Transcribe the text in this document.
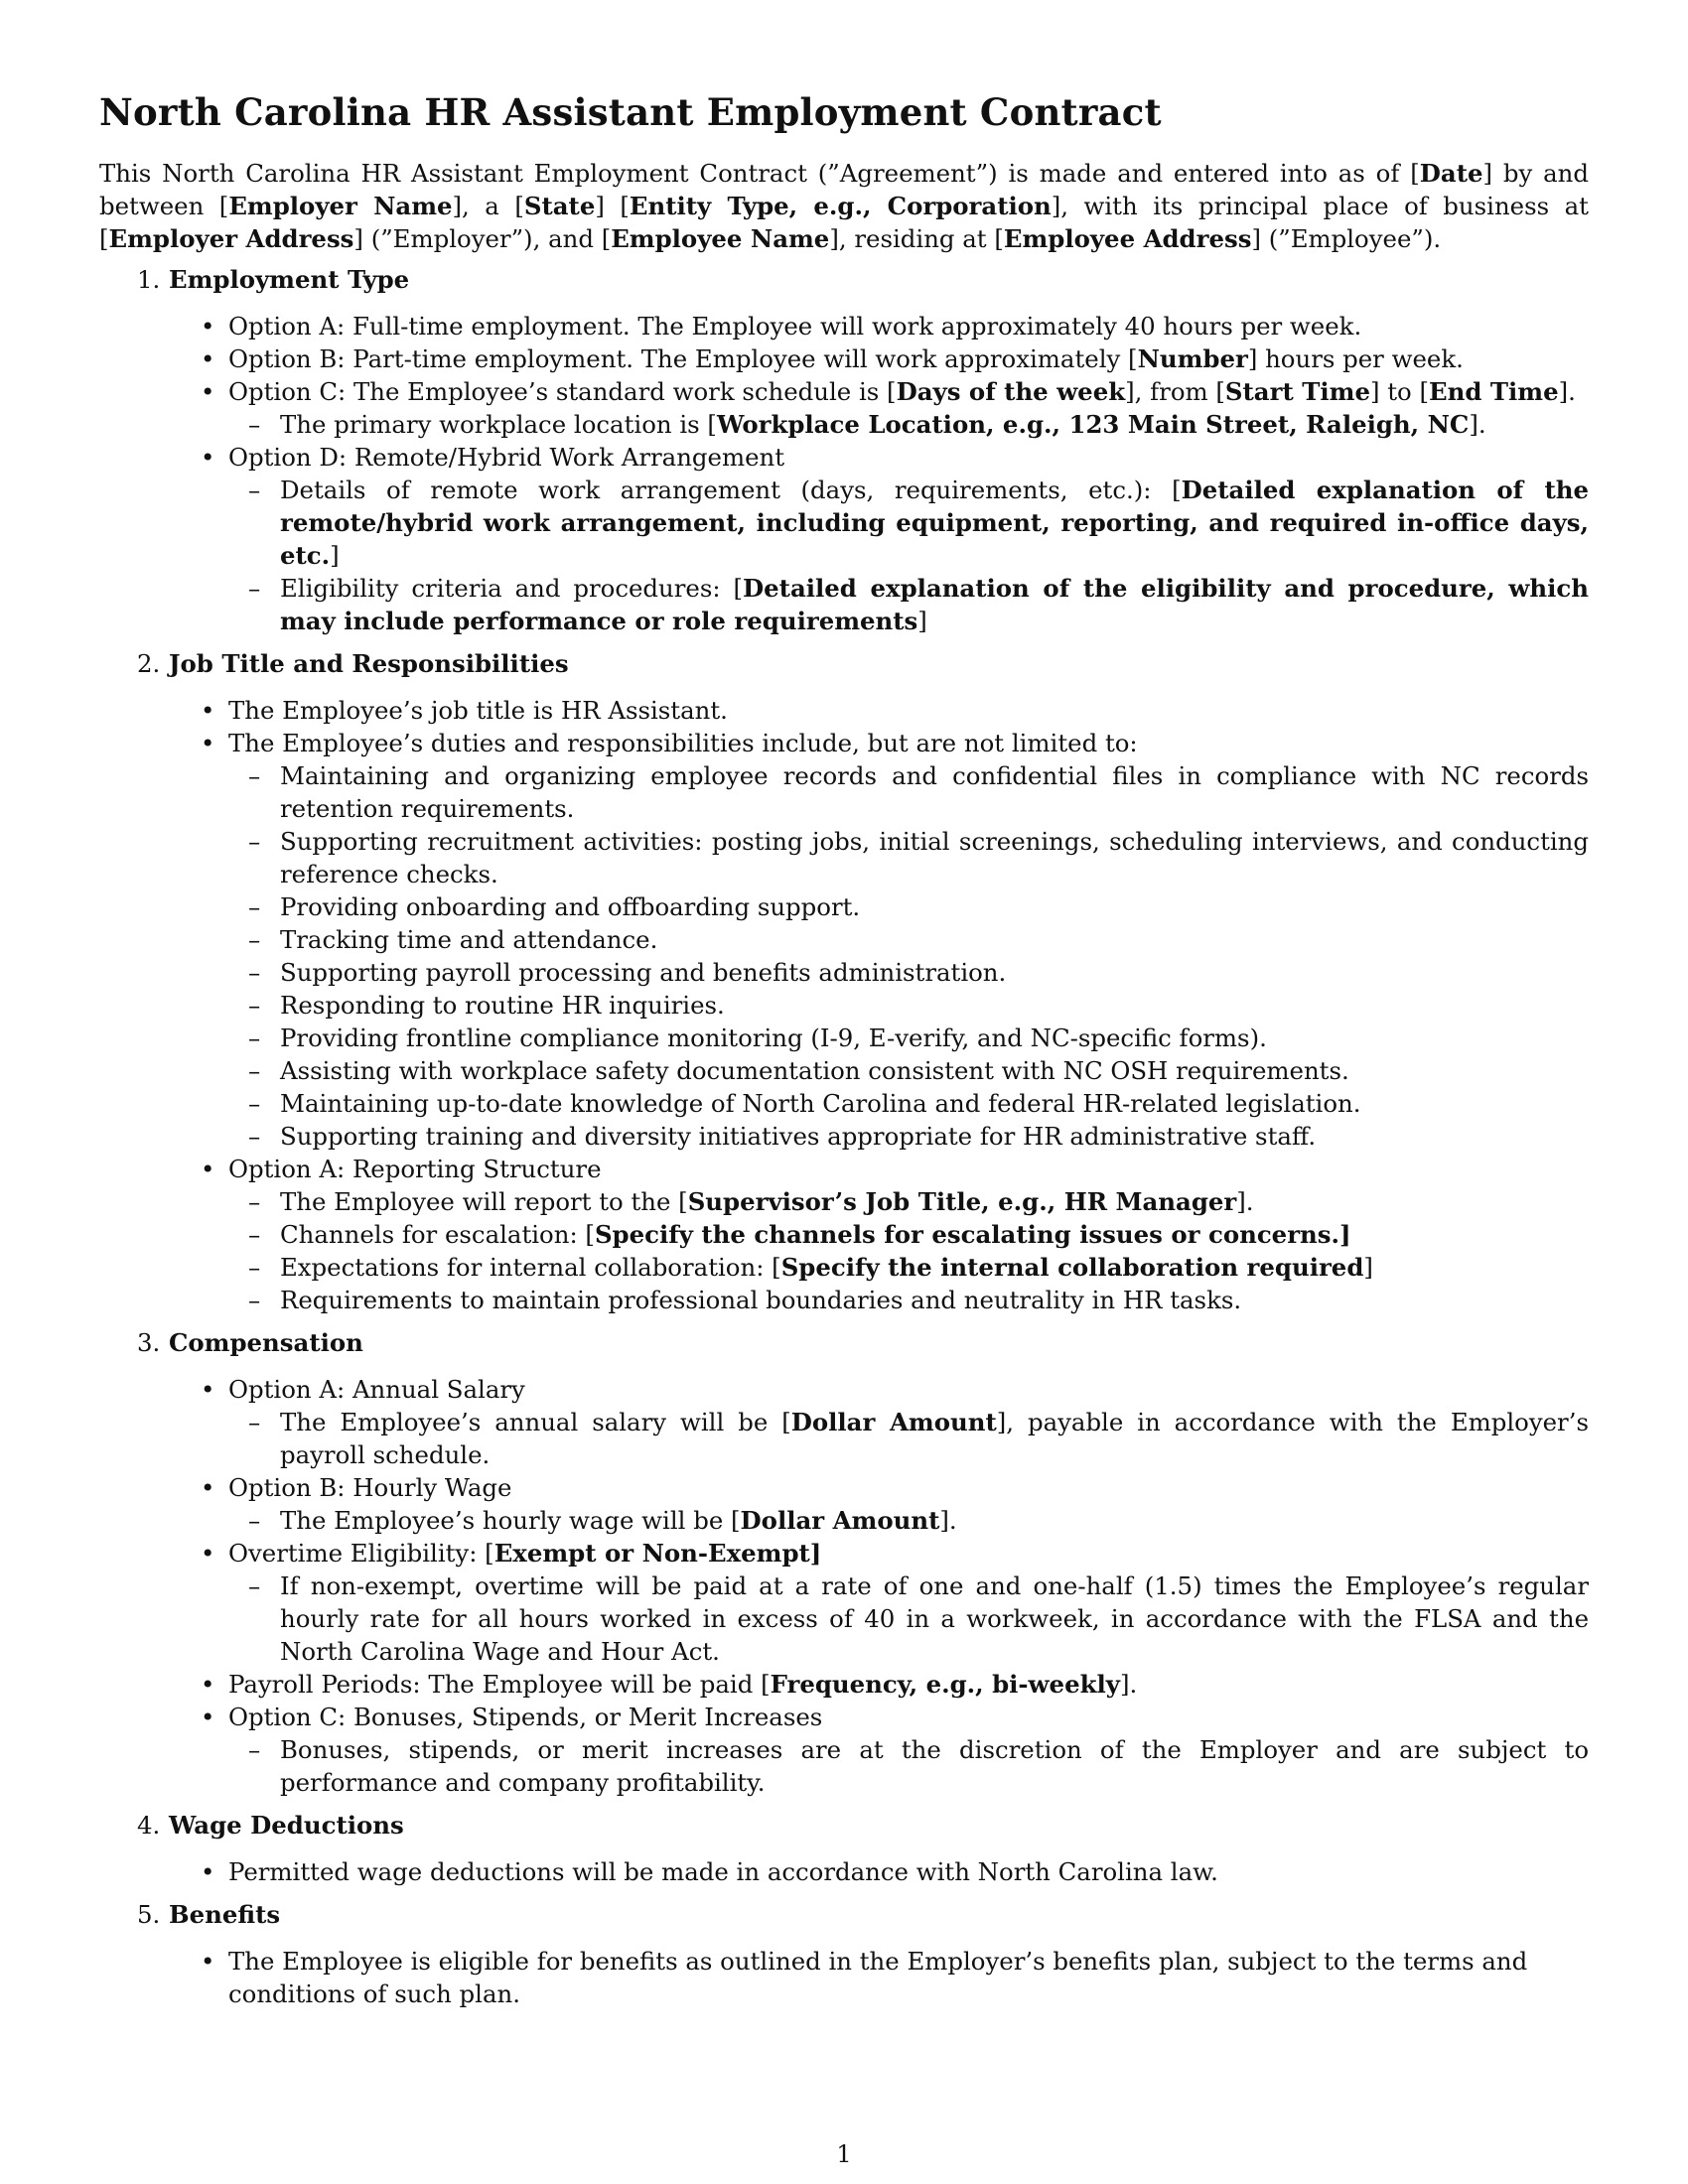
North Carolina HR Assistant Employment Contract

This North Carolina HR Assistant Employment Contract (”Agreement”) is made and entered into as of [Date] by and between [Employer Name], a [State] [Entity Type, e.g., Corporation], with its principal place of business at [Employer Address] (”Employer”), and [Employee Name], residing at [Employee Address] (”Employee”).

1. Employment Type
• Option A: Full-time employment. The Employee will work approximately 40 hours per week.
• Option B: Part-time employment. The Employee will work approximately [Number] hours per week.
• Option C: The Employee’s standard work schedule is [Days of the week], from [Start Time] to [End Time].
– The primary workplace location is [Workplace Location, e.g., 123 Main Street, Raleigh, NC].
• Option D: Remote/Hybrid Work Arrangement
– Details of remote work arrangement (days, requirements, etc.): [Detailed explanation of the remote/hybrid work arrangement, including equipment, reporting, and required in-office days, etc.]
– Eligibility criteria and procedures: [Detailed explanation of the eligibility and procedure, which may include performance or role requirements]
2. Job Title and Responsibilities
• The Employee’s job title is HR Assistant.
• The Employee’s duties and responsibilities include, but are not limited to:
– Maintaining and organizing employee records and confidential files in compliance with NC records retention requirements.
– Supporting recruitment activities: posting jobs, initial screenings, scheduling interviews, and conducting reference checks.
– Providing onboarding and offboarding support.
– Tracking time and attendance.
– Supporting payroll processing and benefits administration.
– Responding to routine HR inquiries.
– Providing frontline compliance monitoring (I-9, E-verify, and NC-specific forms).
– Assisting with workplace safety documentation consistent with NC OSH requirements.
– Maintaining up-to-date knowledge of North Carolina and federal HR-related legislation.
– Supporting training and diversity initiatives appropriate for HR administrative staff.
• Option A: Reporting Structure
– The Employee will report to the [Supervisor’s Job Title, e.g., HR Manager].
– Channels for escalation: [Specify the channels for escalating issues or concerns.]
– Expectations for internal collaboration: [Specify the internal collaboration required]
– Requirements to maintain professional boundaries and neutrality in HR tasks.
3. Compensation
• Option A: Annual Salary
– The Employee’s annual salary will be [Dollar Amount], payable in accordance with the Employer’s payroll schedule.
• Option B: Hourly Wage
– The Employee’s hourly wage will be [Dollar Amount].
• Overtime Eligibility: [Exempt or Non-Exempt]
– If non-exempt, overtime will be paid at a rate of one and one-half (1.5) times the Employee’s regular hourly rate for all hours worked in excess of 40 in a workweek, in accordance with the FLSA and the North Carolina Wage and Hour Act.
• Payroll Periods: The Employee will be paid [Frequency, e.g., bi-weekly].
• Option C: Bonuses, Stipends, or Merit Increases
– Bonuses, stipends, or merit increases are at the discretion of the Employer and are subject to performance and company profitability.
4. Wage Deductions
• Permitted wage deductions will be made in accordance with North Carolina law.
5. Benefits
• The Employee is eligible for benefits as outlined in the Employer’s benefits plan, subject to the terms and conditions of such plan.
1
